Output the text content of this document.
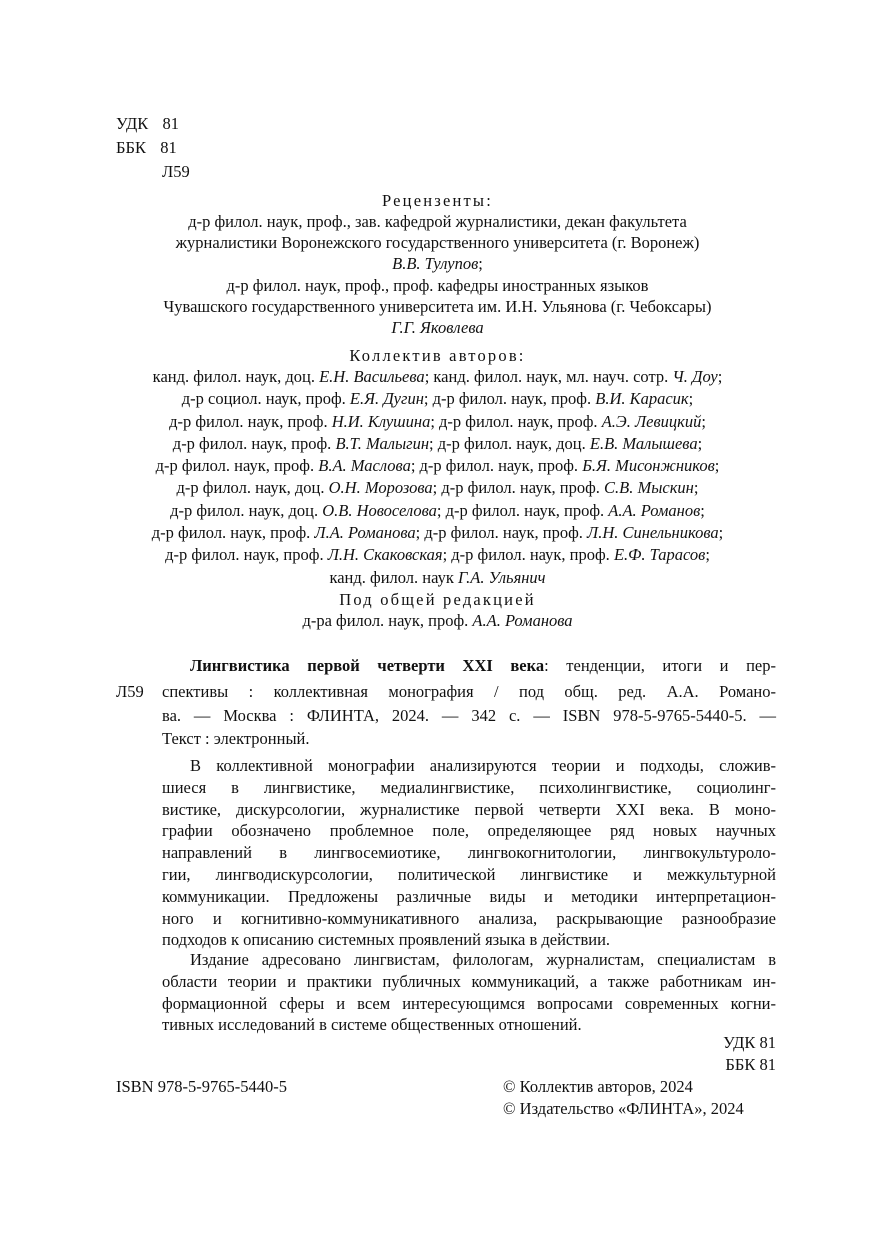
УДК 81
ББК 81
Л59
Рецензенты:
д-р филол. наук, проф., зав. кафедрой журналистики, декан факультета
журналистики Воронежского государственного университета (г. Воронеж)
В.В. Тулупов;
д-р филол. наук, проф., проф. кафедры иностранных языков
Чувашского государственного университета им. И.Н. Ульянова (г. Чебоксары)
Г.Г. Яковлева
Коллектив авторов:
канд. филол. наук, доц. Е.Н. Васильева; канд. филол. наук, мл. науч. сотр. Ч. Доу;
д-р социол. наук, проф. Е.Я. Дугин; д-р филол. наук, проф. В.И. Карасик;
д-р филол. наук, проф. Н.И. Клушина; д-р филол. наук, проф. А.Э. Левицкий;
д-р филол. наук, проф. В.Т. Малыгин; д-р филол. наук, доц. Е.В. Малышева;
д-р филол. наук, проф. В.А. Маслова; д-р филол. наук, проф. Б.Я. Мисонжников;
д-р филол. наук, доц. О.Н. Морозова; д-р филол. наук, проф. С.В. Мыскин;
д-р филол. наук, доц. О.В. Новоселова; д-р филол. наук, проф. А.А. Романов;
д-р филол. наук, проф. Л.А. Романова; д-р филол. наук, проф. Л.Н. Синельникова;
д-р филол. наук, проф. Л.Н. Скаковская; д-р филол. наук, проф. Е.Ф. Тарасов;
канд. филол. наук Г.А. Ульянич
Под общей редакцией
д-ра филол. наук, проф. А.А. Романова
Лингвистика первой четверти XXI века: тенденции, итоги и пер-
Л59 спективы : коллективная монография / под общ. ред. А.А. Романо-
ва. — Москва : ФЛИНТА, 2024. — 342 с. — ISBN 978-5-9765-5440-5. —
Текст : электронный.
В коллективной монографии анализируются теории и подходы, сложив-
шиеся в лингвистике, медиалингвистике, психолингвистике, социолинг-
вистике, дискурсологии, журналистике первой четверти XXI века. В моно-
графии обозначено проблемное поле, определяющее ряд новых научных
направлений в лингвосемиотике, лингвокогнитологии, лингвокультуроло-
гии, лингводискурсологии, политической лингвистике и межкультурной
коммуникации. Предложены различные виды и методики интерпретацион-
ного и когнитивно-коммуникативного анализа, раскрывающие разнообразие
подходов к описанию системных проявлений языка в действии.
Издание адресовано лингвистам, филологам, журналистам, специалистам в
области теории и практики публичных коммуникаций, а также работникам ин-
формационной сферы и всем интересующимся вопросами современных когни-
тивных исследований в системе общественных отношений.
УДК 81
ББК 81
ISBN 978-5-9765-5440-5	© Коллектив авторов, 2024
© Издательство «ФЛИНТА», 2024
